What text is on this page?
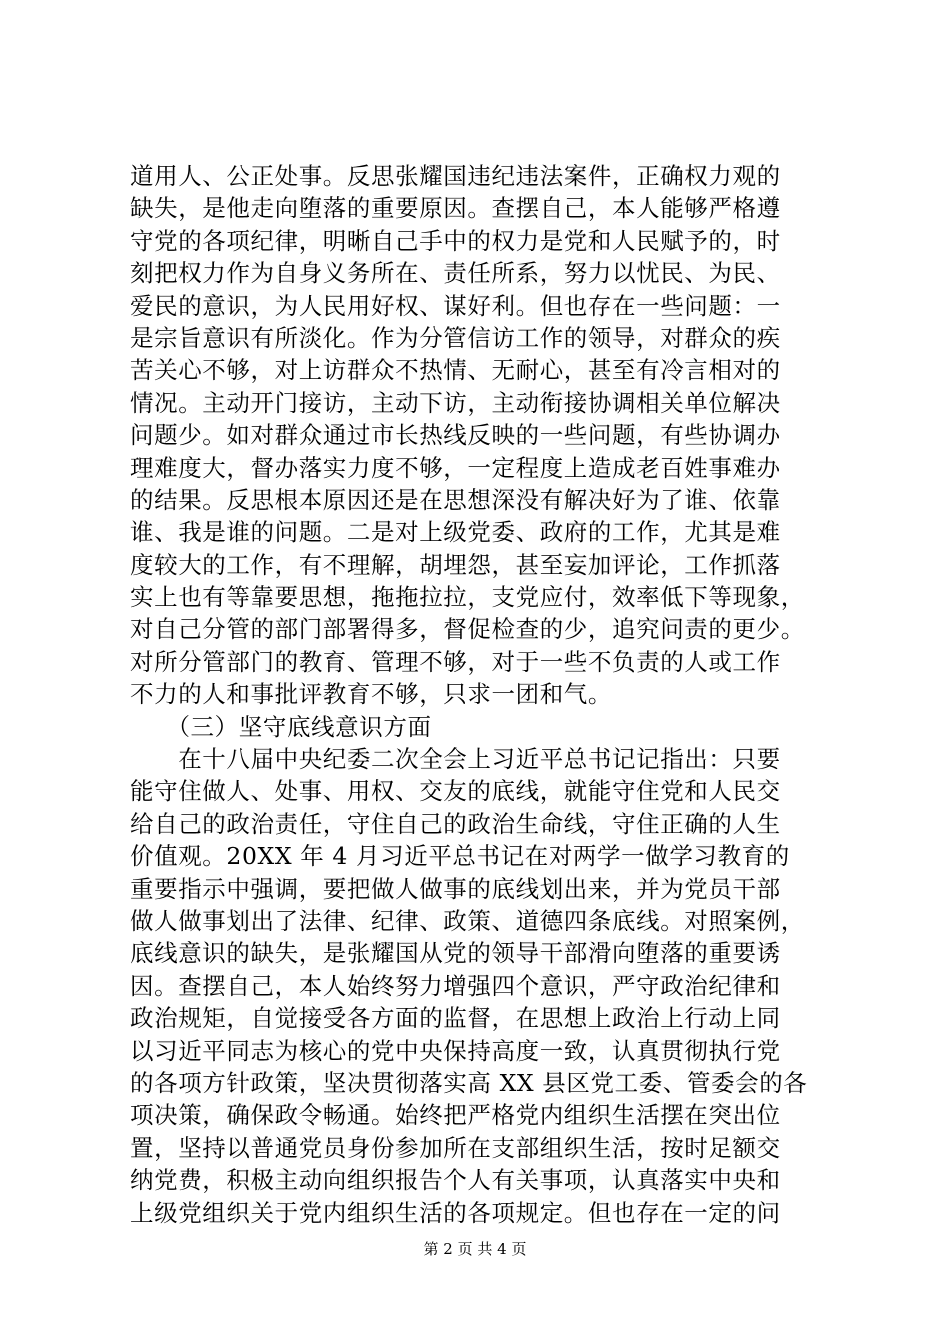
道用人、公正处事。反思张耀国违纪违法案件，正确权力观的
缺失，是他走向堕落的重要原因。查摆自己，本人能够严格遵
守党的各项纪律，明晰自己手中的权力是党和人民赋予的，时
刻把权力作为自身义务所在、责任所系，努力以忧民、为民、
爱民的意识，为人民用好权、谋好利。但也存在一些问题：一
是宗旨意识有所淡化。作为分管信访工作的领导，对群众的疾
苦关心不够，对上访群众不热情、无耐心，甚至有冷言相对的
情况。主动开门接访，主动下访，主动衔接协调相关单位解决
问题少。如对群众通过市长热线反映的一些问题，有些协调办
理难度大，督办落实力度不够，一定程度上造成老百姓事难办
的结果。反思根本原因还是在思想深没有解决好为了谁、依靠
谁、我是谁的问题。二是对上级党委、政府的工作，尤其是难
度较大的工作，有不理解，胡埋怨，甚至妄加评论，工作抓落
实上也有等靠要思想，拖拖拉拉，支党应付，效率低下等现象，
对自己分管的部门部署得多，督促检查的少，追究问责的更少。
对所分管部门的教育、管理不够，对于一些不负责的人或工作
不力的人和事批评教育不够，只求一团和气。
　　（三）坚守底线意识方面
　　在十八届中央纪委二次全会上习近平总书记记指出：只要
能守住做人、处事、用权、交友的底线，就能守住党和人民交
给自己的政治责任，守住自己的政治生命线，守住正确的人生
价值观。20XX 年 4 月习近平总书记在对两学一做学习教育的
重要指示中强调，要把做人做事的底线划出来，并为党员干部
做人做事划出了法律、纪律、政策、道德四条底线。对照案例，
底线意识的缺失，是张耀国从党的领导干部滑向堕落的重要诱
因。查摆自己，本人始终努力增强四个意识，严守政治纪律和
政治规矩，自觉接受各方面的监督，在思想上政治上行动上同
以习近平同志为核心的党中央保持高度一致，认真贯彻执行党
的各项方针政策，坚决贯彻落实高 XX 县区党工委、管委会的各
项决策，确保政令畅通。始终把严格党内组织生活摆在突出位
置，坚持以普通党员身份参加所在支部组织生活，按时足额交
纳党费，积极主动向组织报告个人有关事项，认真落实中央和
上级党组织关于党内组织生活的各项规定。但也存在一定的问
第 2 页 共 4 页
